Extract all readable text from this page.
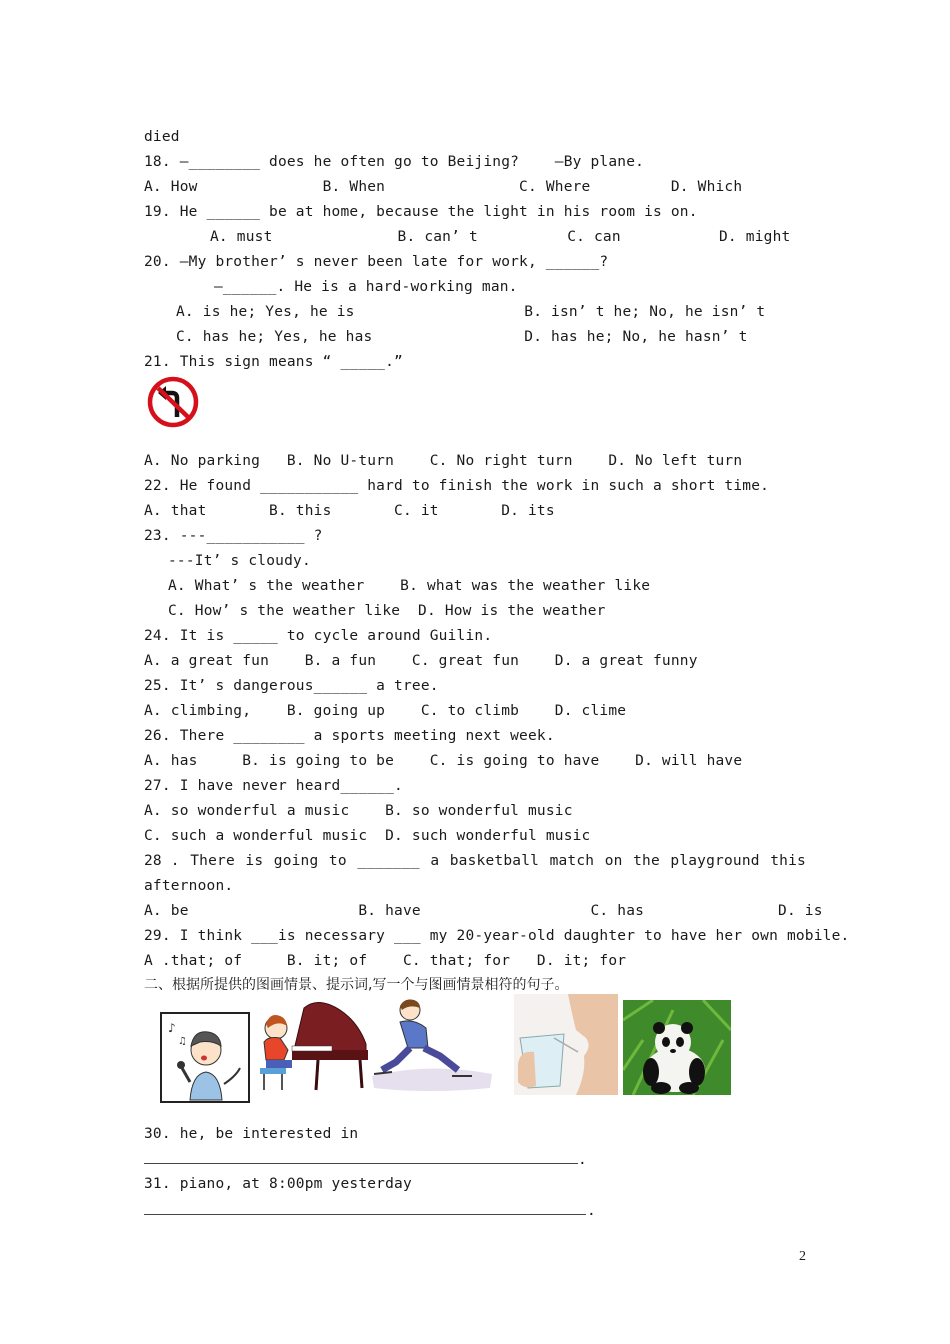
died
18. —________ does he often go to Beijing?    —By plane.
A. How              B. When               C. Where         D. Which
19. He ______ be at home, because the light in his room is on.
A. must              B. can’ t          C. can           D. might
20. –My brother’ s never been late for work, ______?
–______. He is a hard-working man.
A. is he; Yes, he is                   B. isn’ t he; No, he isn’ t
C. has he; Yes, he has                 D. has he; No, he hasn’ t
21. This sign means “ _____.”
A. No parking   B. No U-turn    C. No right turn    D. No left turn
22. He found ___________ hard to finish the work in such a short time.
A. that       B. this       C. it       D. its
23. ---___________ ?
---It’ s cloudy.
A. What’ s the weather    B. what was the weather like
C. How’ s the weather like  D. How is the weather
24. It is _____ to cycle around Guilin.
A. a great fun    B. a fun    C. great fun    D. a great funny
25. It’ s dangerous______ a tree.
A. climbing,    B. going up    C. to climb    D. clime
26. There ________ a sports meeting next week.
A. has     B. is going to be    C. is going to have    D. will have
27. I have never heard______.
A. so wonderful a music    B. so wonderful music
C. such a wonderful music  D. such wonderful music
28 . There is going to _______ a basketball match on the playground this
afternoon.
A. be                   B. have                   C. has               D. is
29. I think ___is necessary ___ my 20-year-old daughter to have her own mobile.
A .that; of     B. it; of    C. that; for   D. it; for
二、根据所提供的图画情景、提示词,写一个与图画情景相符的句子。
♪
♫
30. he, be interested in
.
31. piano, at 8:00pm yesterday
.
2
